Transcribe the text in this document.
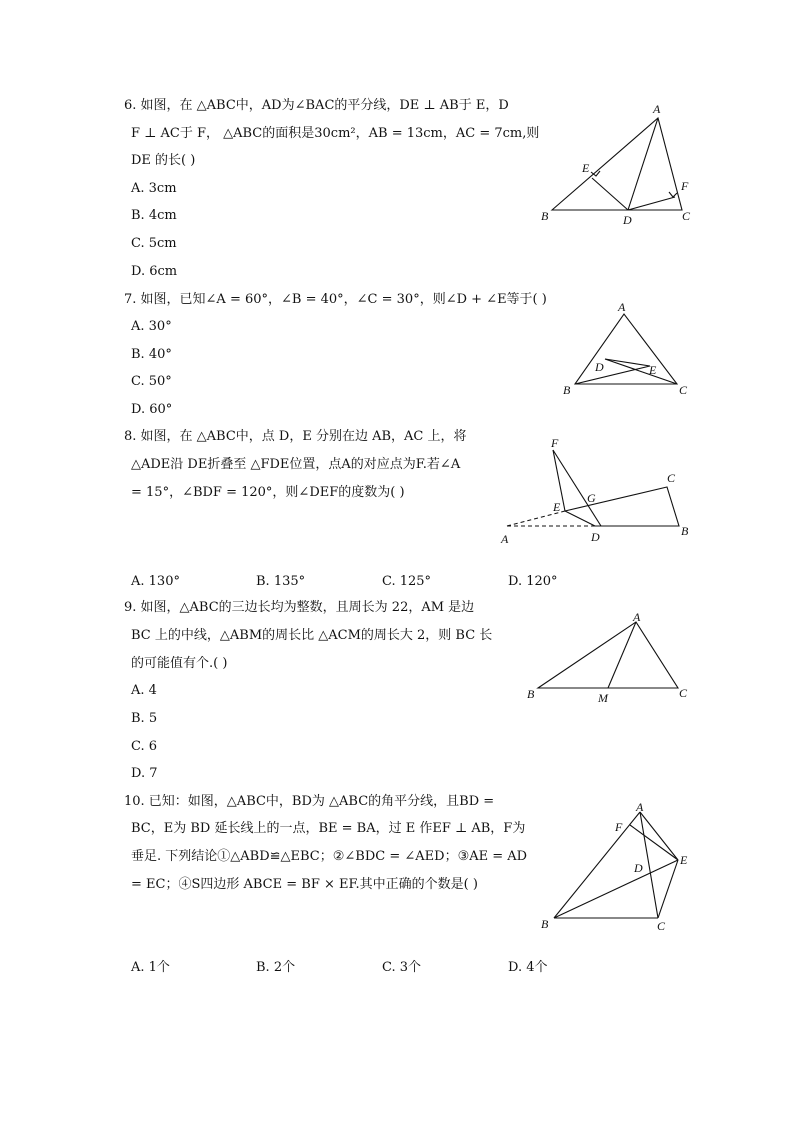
6. 如图，在 △ABC中，AD为∠BAC的平分线，DE ⊥ AB于 E，D
F ⊥ AC于 F， △ABC的面积是30cm²，AB = 13cm，AC = 7cm,则
DE 的长( )
A. 3cm
B. 4cm
C. 5cm
D. 6cm
A
B	C
D
E
F
7. 如图，已知∠A = 60°，∠B = 40°，∠C = 30°，则∠D + ∠E等于( )
A. 30°
B. 40°
C. 50°
D. 60°
A
B	C
D	E
8. 如图，在 △ABC中，点 D，E 分别在边 AB，AC 上，将
△ADE沿 DE折叠至 △FDE位置，点A的对应点为F.若∠A
= 15°，∠BDF = 120°，则∠DEF的度数为( )
A. 130°	B. 135°	C. 125°	D. 120°
F
E
G
A	D	B
C
9. 如图，△ABC的三边长均为整数，且周长为 22，AM 是边
BC 上的中线，△ABM的周长比 △ACM的周长大 2，则 BC 长
的可能值有个.( )
A. 4
B. 5
C. 6
D. 7
A
B	C
M
10. 已知：如图，△ABC中，BD为 △ABC的角平分线，且BD =
BC，E为 BD 延长线上的一点，BE = BA，过 E 作EF ⊥ AB，F为
垂足. 下列结论①△ABD≌△EBC；②∠BDC = ∠AED；③AE = AD
= EC；④S四边形 ABCE = BF × EF.其中正确的个数是( )
A. 1个	B. 2个	C. 3个	D. 4个
A
F
E
D
B	C
